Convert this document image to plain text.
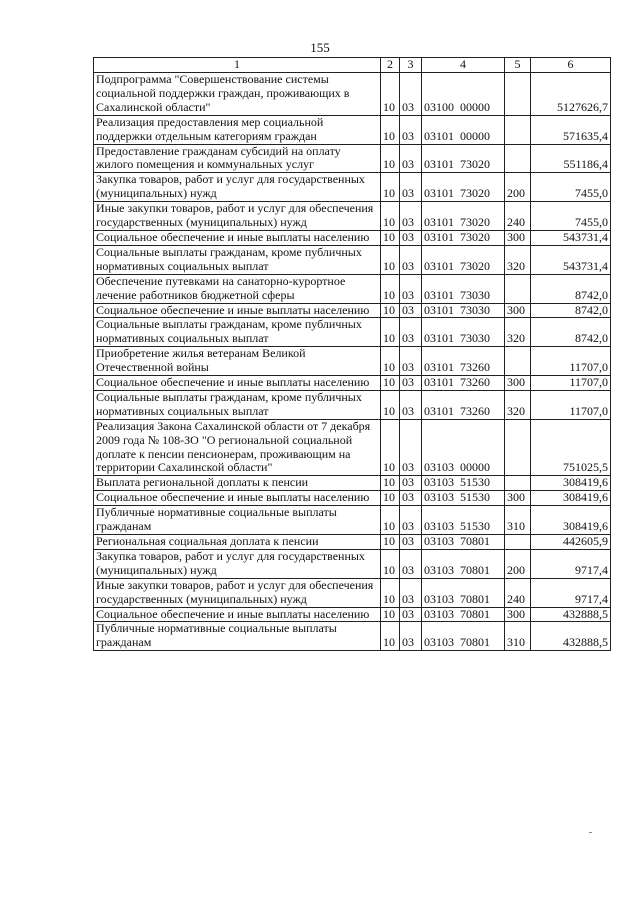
155
1	2	3	4	5	6
Подпрограмма "Совершенствование системы социальной поддержки граждан, проживающих в Сахалинской области"	10	03	03100  00000		5127626,7
Реализация предоставления мер социальной поддержки отдельным категориям граждан	10	03	03101  00000		571635,4
Предоставление гражданам субсидий на оплату жилого помещения и коммунальных услуг	10	03	03101  73020		551186,4
Закупка товаров, работ и услуг для государственных (муниципальных) нужд	10	03	03101  73020	200	7455,0
Иные закупки товаров, работ и услуг для обеспечения государственных (муниципальных) нужд	10	03	03101  73020	240	7455,0
Социальное обеспечение и иные выплаты населению	10	03	03101  73020	300	543731,4
Социальные выплаты гражданам, кроме публичных нормативных социальных выплат	10	03	03101  73020	320	543731,4
Обеспечение путевками на санаторно-курортное лечение работников бюджетной сферы	10	03	03101  73030		8742,0
Социальное обеспечение и иные выплаты населению	10	03	03101  73030	300	8742,0
Социальные выплаты гражданам, кроме публичных нормативных социальных выплат	10	03	03101  73030	320	8742,0
Приобретение жилья ветеранам Великой Отечественной войны	10	03	03101  73260		11707,0
Социальное обеспечение и иные выплаты населению	10	03	03101  73260	300	11707,0
Социальные выплаты гражданам, кроме публичных нормативных социальных выплат	10	03	03101  73260	320	11707,0
Реализация Закона Сахалинской области от 7 декабря 2009 года № 108-ЗО "О региональной социальной доплате к пенсии пенсионерам, проживающим на территории Сахалинской области"	10	03	03103  00000		751025,5
Выплата региональной доплаты к пенсии	10	03	03103  51530		308419,6
Социальное обеспечение и иные выплаты населению	10	03	03103  51530	300	308419,6
Публичные нормативные социальные выплаты гражданам	10	03	03103  51530	310	308419,6
Региональная социальная доплата к пенсии	10	03	03103  70801		442605,9
Закупка товаров, работ и услуг для государственных (муниципальных) нужд	10	03	03103  70801	200	9717,4
Иные закупки товаров, работ и услуг для обеспечения государственных (муниципальных) нужд	10	03	03103  70801	240	9717,4
Социальное обеспечение и иные выплаты населению	10	03	03103  70801	300	432888,5
Публичные нормативные социальные выплаты гражданам	10	03	03103  70801	310	432888,5
